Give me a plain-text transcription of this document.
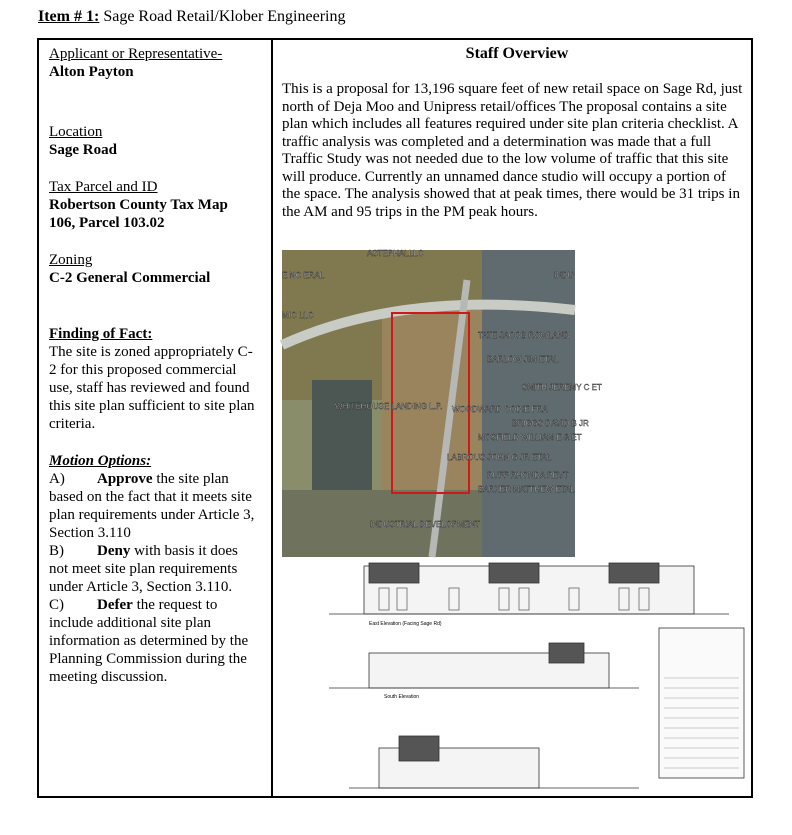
Item # 1: Sage Road Retail/Klober Engineering
Applicant or Representative-
Alton Payton
Location
Sage Road
Tax Parcel and ID
Robertson County Tax Map
106, Parcel 103.02
Zoning
C-2 General Commercial
Finding of Fact:
The site is zoned appropriately C-2 for this proposed commercial use, staff has reviewed and found this site plan sufficient to site plan criteria.
Motion Options:
A) Approve the site plan based on the fact that it meets site plan requirements under Article 3, Section 3.110
B) Deny with basis it does not meet site plan requirements under Article 3, Section 3.110.
C) Defer the request to include additional site plan information as determined by the Planning Commission during the meeting discussion.
Staff Overview
This is a proposal for 13,196 square feet of new retail space on Sage Rd, just north of Deja Moo and Unipress retail/offices The proposal contains a site plan which includes all features required under site plan criteria checklist. A traffic analysis was completed and a determination was made that a full Traffic Study was not needed due to the low volume of traffic that this site will produce. Currently an unnamed dance studio will occupy a portion of the space. The analysis showed that at peak times, there would be 31 trips in the AM and 95 trips in the PM peak hours.
ASTEPHALLLC
E NC ERAL	INDU
MIC LLC
TATE JACOB ROWLAND
BARLOW JIM ETAL
SMITH JEREMY C ET
WHITEHOUSE LANDING L.P. WOODWARD CODIE FRA
BRIGGS DAVID B JR
MOSFIELD WILLIAM E & ET
LABROUS JOHN G JR ETAL
RUFF RHONDA REVT
BARKER MATTHEW ETAL
INDUSTRIAL DEVELOPMENT
East Elevation (Facing Sage Rd)
South Elevation
